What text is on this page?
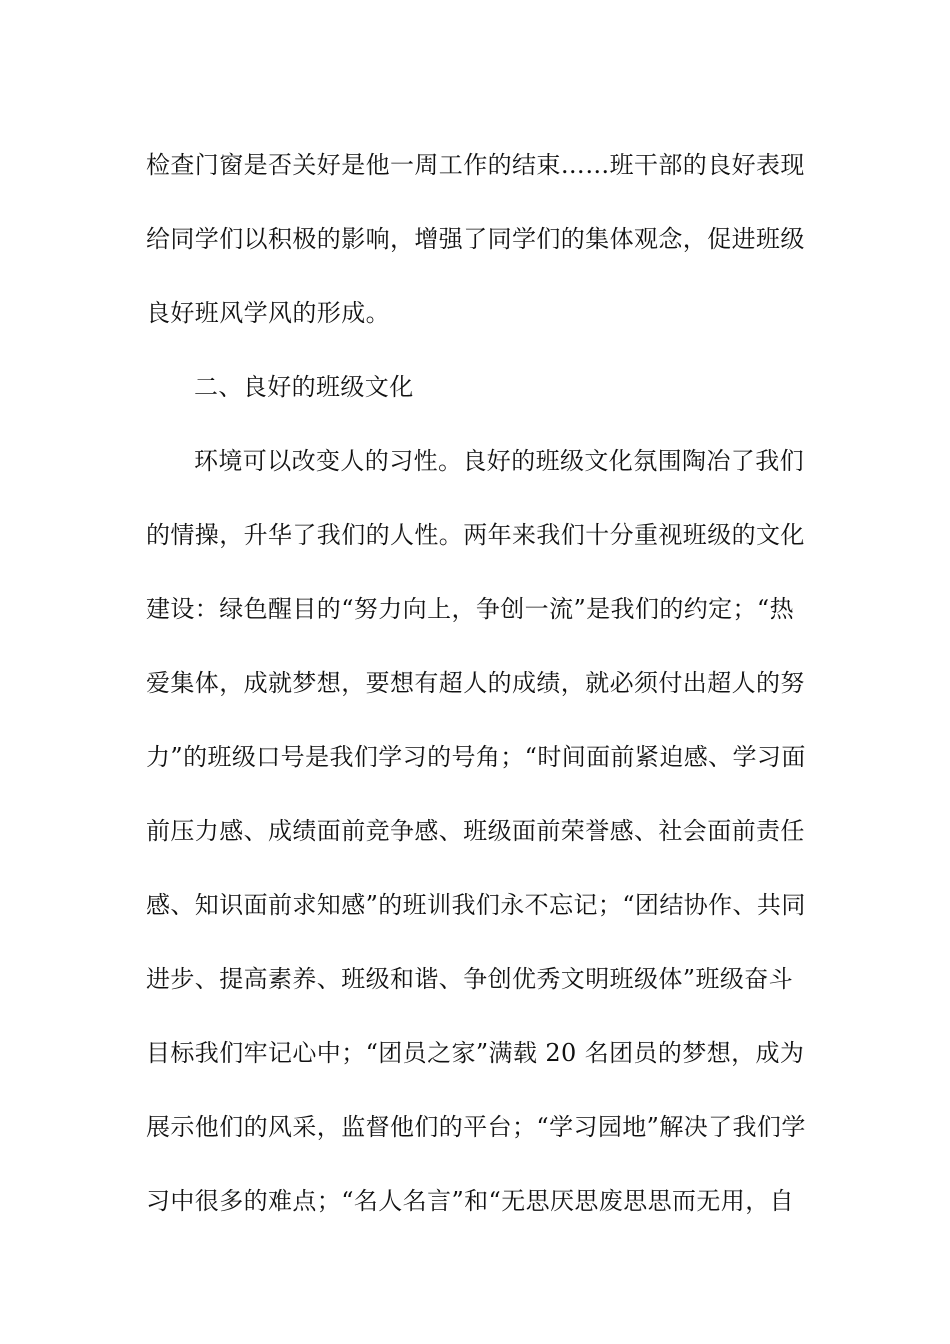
检查门窗是否关好是他一周工作的结束……班干部的良好表现
给同学们以积极的影响，增强了同学们的集体观念，促进班级
良好班风学风的形成。
二、良好的班级文化
环境可以改变人的习性。良好的班级文化氛围陶冶了我们
的情操，升华了我们的人性。两年来我们十分重视班级的文化
建设：绿色醒目的“努力向上，争创一流”是我们的约定；“热
爱集体，成就梦想，要想有超人的成绩，就必须付出超人的努
力”的班级口号是我们学习的号角；“时间面前紧迫感、学习面
前压力感、成绩面前竞争感、班级面前荣誉感、社会面前责任
感、知识面前求知感”的班训我们永不忘记；“团结协作、共同
进步、提高素养、班级和谐、争创优秀文明班级体”班级奋斗
目标我们牢记心中；“团员之家”满载 20 名团员的梦想，成为
展示他们的风采，监督他们的平台；“学习园地”解决了我们学
习中很多的难点；“名人名言”和“无思厌思废思思而无用，自
